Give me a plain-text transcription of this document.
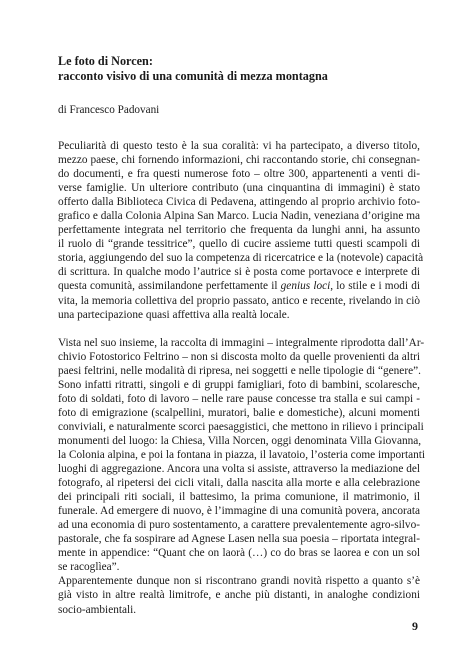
Le foto di Norcen:
racconto visivo di una comunità di mezza montagna
di Francesco Padovani
Peculiarità di questo testo è la sua coralità: vi ha partecipato, a diverso titolo,
mezzo paese, chi fornendo informazioni, chi raccontando storie, chi consegnan-
do documenti, e fra questi numerose foto – oltre 300, appartenenti a venti di-
verse famiglie. Un ulteriore contributo (una cinquantina di immagini) è stato
offerto dalla Biblioteca Civica di Pedavena, attingendo al proprio archivio foto-
grafico e dalla Colonia Alpina San Marco. Lucia Nadin, veneziana d’origine ma
perfettamente integrata nel territorio che frequenta da lunghi anni, ha assunto
il ruolo di “grande tessitrice”, quello di cucire assieme tutti questi scampoli di
storia, aggiungendo del suo la competenza di ricercatrice e la (notevole) capacità
di scrittura. In qualche modo l’autrice si è posta come portavoce e interprete di
questa comunità, assimilandone perfettamente il genius loci, lo stile e i modi di
vita, la memoria collettiva del proprio passato, antico e recente, rivelando in ciò
una partecipazione quasi affettiva alla realtà locale.
Vista nel suo insieme, la raccolta di immagini – integralmente riprodotta dall’Ar-
chivio Fotostorico Feltrino – non si discosta molto da quelle provenienti da altri
paesi feltrini, nelle modalità di ripresa, nei soggetti e nelle tipologie di “genere”.
Sono infatti ritratti, singoli e di gruppi famigliari, foto di bambini, scolaresche,
foto di soldati, foto di lavoro – nelle rare pause concesse tra stalla e sui campi -
foto di emigrazione (scalpellini, muratori, balie e domestiche), alcuni momenti
conviviali, e naturalmente scorci paesaggistici, che mettono in rilievo i principali
monumenti del luogo: la Chiesa, Villa Norcen, oggi denominata Villa Giovanna,
la Colonia alpina, e poi la fontana in piazza, il lavatoio, l’osteria come importanti
luoghi di aggregazione. Ancora una volta si assiste, attraverso la mediazione del
fotografo, al ripetersi dei cicli vitali, dalla nascita alla morte e alla celebrazione
dei principali riti sociali, il battesimo, la prima comunione, il matrimonio, il
funerale. Ad emergere di nuovo, è l’immagine di una comunità povera, ancorata
ad una economia di puro sostentamento, a carattere prevalentemente agro-silvo-
pastorale, che fa sospirare ad Agnese Lasen nella sua poesia – riportata integral-
mente in appendice: “Quant che on laorà (…) co do bras se laorea e con un sol
se racoglìea”.
Apparentemente dunque non si riscontrano grandi novità rispetto a quanto s’è
già visto in altre realtà limitrofe, e anche più distanti, in analoghe condizioni
socio-ambientali.
9
